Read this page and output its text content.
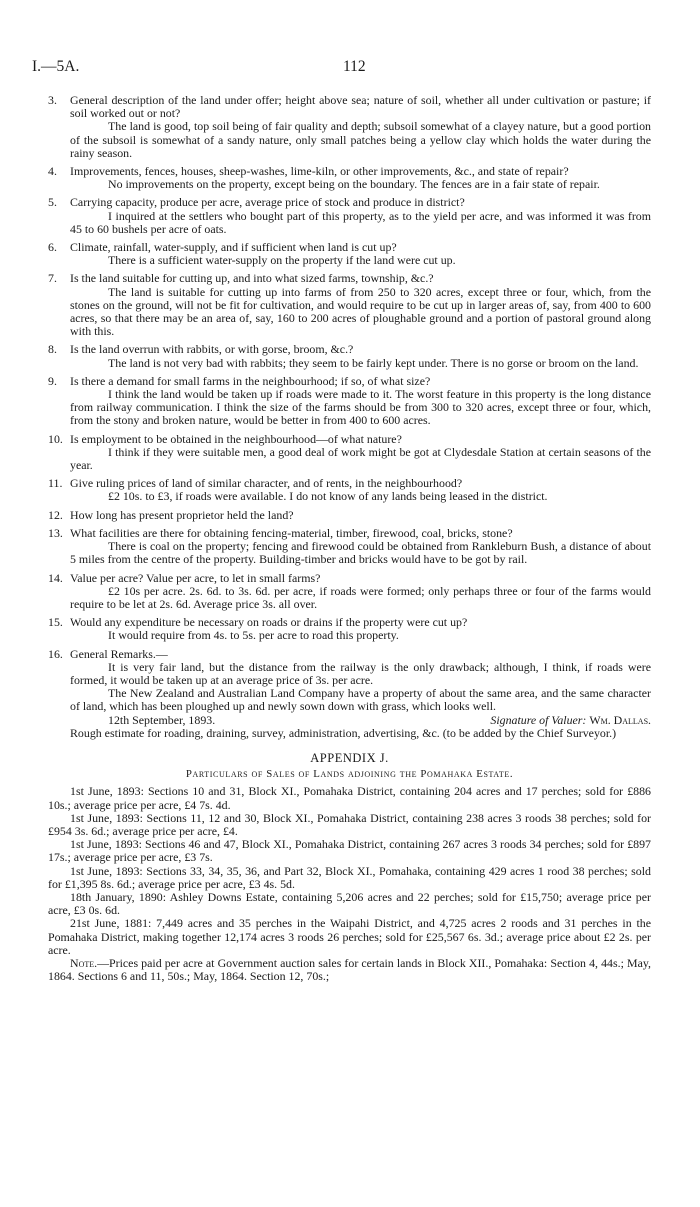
I.—5A.	112
3. General description of the land under offer; height above sea; nature of soil, whether all under cultivation or pasture; if soil worked out or not?

The land is good, top soil being of fair quality and depth; subsoil somewhat of a clayey nature, but a good portion of the subsoil is somewhat of a sandy nature, only small patches being a yellow clay which holds the water during the rainy season.

4. Improvements, fences, houses, sheep-washes, lime-kiln, or other improvements, &c., and state of repair?

No improvements on the property, except being on the boundary. The fences are in a fair state of repair.

5. Carrying capacity, produce per acre, average price of stock and produce in district?

I inquired at the settlers who bought part of this property, as to the yield per acre, and was informed it was from 45 to 60 bushels per acre of oats.

6. Climate, rainfall, water-supply, and if sufficient when land is cut up?

There is a sufficient water-supply on the property if the land were cut up.

7. Is the land suitable for cutting up, and into what sized farms, township, &c.?

The land is suitable for cutting up into farms of from 250 to 320 acres, except three or four, which, from the stones on the ground, will not be fit for cultivation, and would require to be cut up in larger areas of, say, from 400 to 600 acres, so that there may be an area of, say, 160 to 200 acres of ploughable ground and a portion of pastoral ground along with this.

8. Is the land overrun with rabbits, or with gorse, broom, &c.?

The land is not very bad with rabbits; they seem to be fairly kept under. There is no gorse or broom on the land.

9. Is there a demand for small farms in the neighbourhood; if so, of what size?

I think the land would be taken up if roads were made to it. The worst feature in this property is the long distance from railway communication. I think the size of the farms should be from 300 to 320 acres, except three or four, which, from the stony and broken nature, would be better in from 400 to 600 acres.

10. Is employment to be obtained in the neighbourhood—of what nature?

I think if they were suitable men, a good deal of work might be got at Clydesdale Station at certain seasons of the year.

11. Give ruling prices of land of similar character, and of rents, in the neighbourhood?

£2 10s. to £3, if roads were available. I do not know of any lands being leased in the district.

12. How long has present proprietor held the land?
13. What facilities are there for obtaining fencing-material, timber, firewood, coal, bricks, stone?

There is coal on the property; fencing and firewood could be obtained from Rankleburn Bush, a distance of about 5 miles from the centre of the property. Building-timber and bricks would have to be got by rail.

14. Value per acre? Value per acre, to let in small farms?

£2 10s per acre. 2s. 6d. to 3s. 6d. per acre, if roads were formed; only perhaps three or four of the farms would require to be let at 2s. 6d. Average price 3s. all over.

15. Would any expenditure be necessary on roads or drains if the property were cut up?

It would require from 4s. to 5s. per acre to road this property.

16. General Remarks.—

It is very fair land, but the distance from the railway is the only drawback; although, I think, if roads were formed, it would be taken up at an average price of 3s. per acre.

The New Zealand and Australian Land Company have a property of about the same area, and the same character of land, which has been ploughed up and newly sown down with grass, which looks well.

12th September, 1893.	Signature of Valuer: Wm. Dallas.

Rough estimate for roading, draining, survey, administration, advertising, &c. (to be added by the Chief Surveyor.)

APPENDIX J.
Particulars of Sales of Lands adjoining the Pomahaka Estate.

1st June, 1893: Sections 10 and 31, Block XI., Pomahaka District, containing 204 acres and 17 perches; sold for £886 10s.; average price per acre, £4 7s. 4d.

1st June, 1893: Sections 11, 12 and 30, Block XI., Pomahaka District, containing 238 acres 3 roods 38 perches; sold for £954 3s. 6d.; average price per acre, £4.

1st June, 1893: Sections 46 and 47, Block XI., Pomahaka District, containing 267 acres 3 roods 34 perches; sold for £897 17s.; average price per acre, £3 7s.

1st June, 1893: Sections 33, 34, 35, 36, and Part 32, Block XI., Pomahaka, containing 429 acres 1 rood 38 perches; sold for £1,395 8s. 6d.; average price per acre, £3 4s. 5d.

18th January, 1890: Ashley Downs Estate, containing 5,206 acres and 22 perches; sold for £15,750; average price per acre, £3 0s. 6d.

21st June, 1881: 7,449 acres and 35 perches in the Waipahi District, and 4,725 acres 2 roods and 31 perches in the Pomahaka District, making together 12,174 acres 3 roods 26 perches; sold for £25,567 6s. 3d.; average price about £2 2s. per acre.

Note.—Prices paid per acre at Government auction sales for certain lands in Block XII., Pomahaka: Section 4, 44s.; May, 1864. Sections 6 and 11, 50s.; May, 1864. Section 12, 70s.;
